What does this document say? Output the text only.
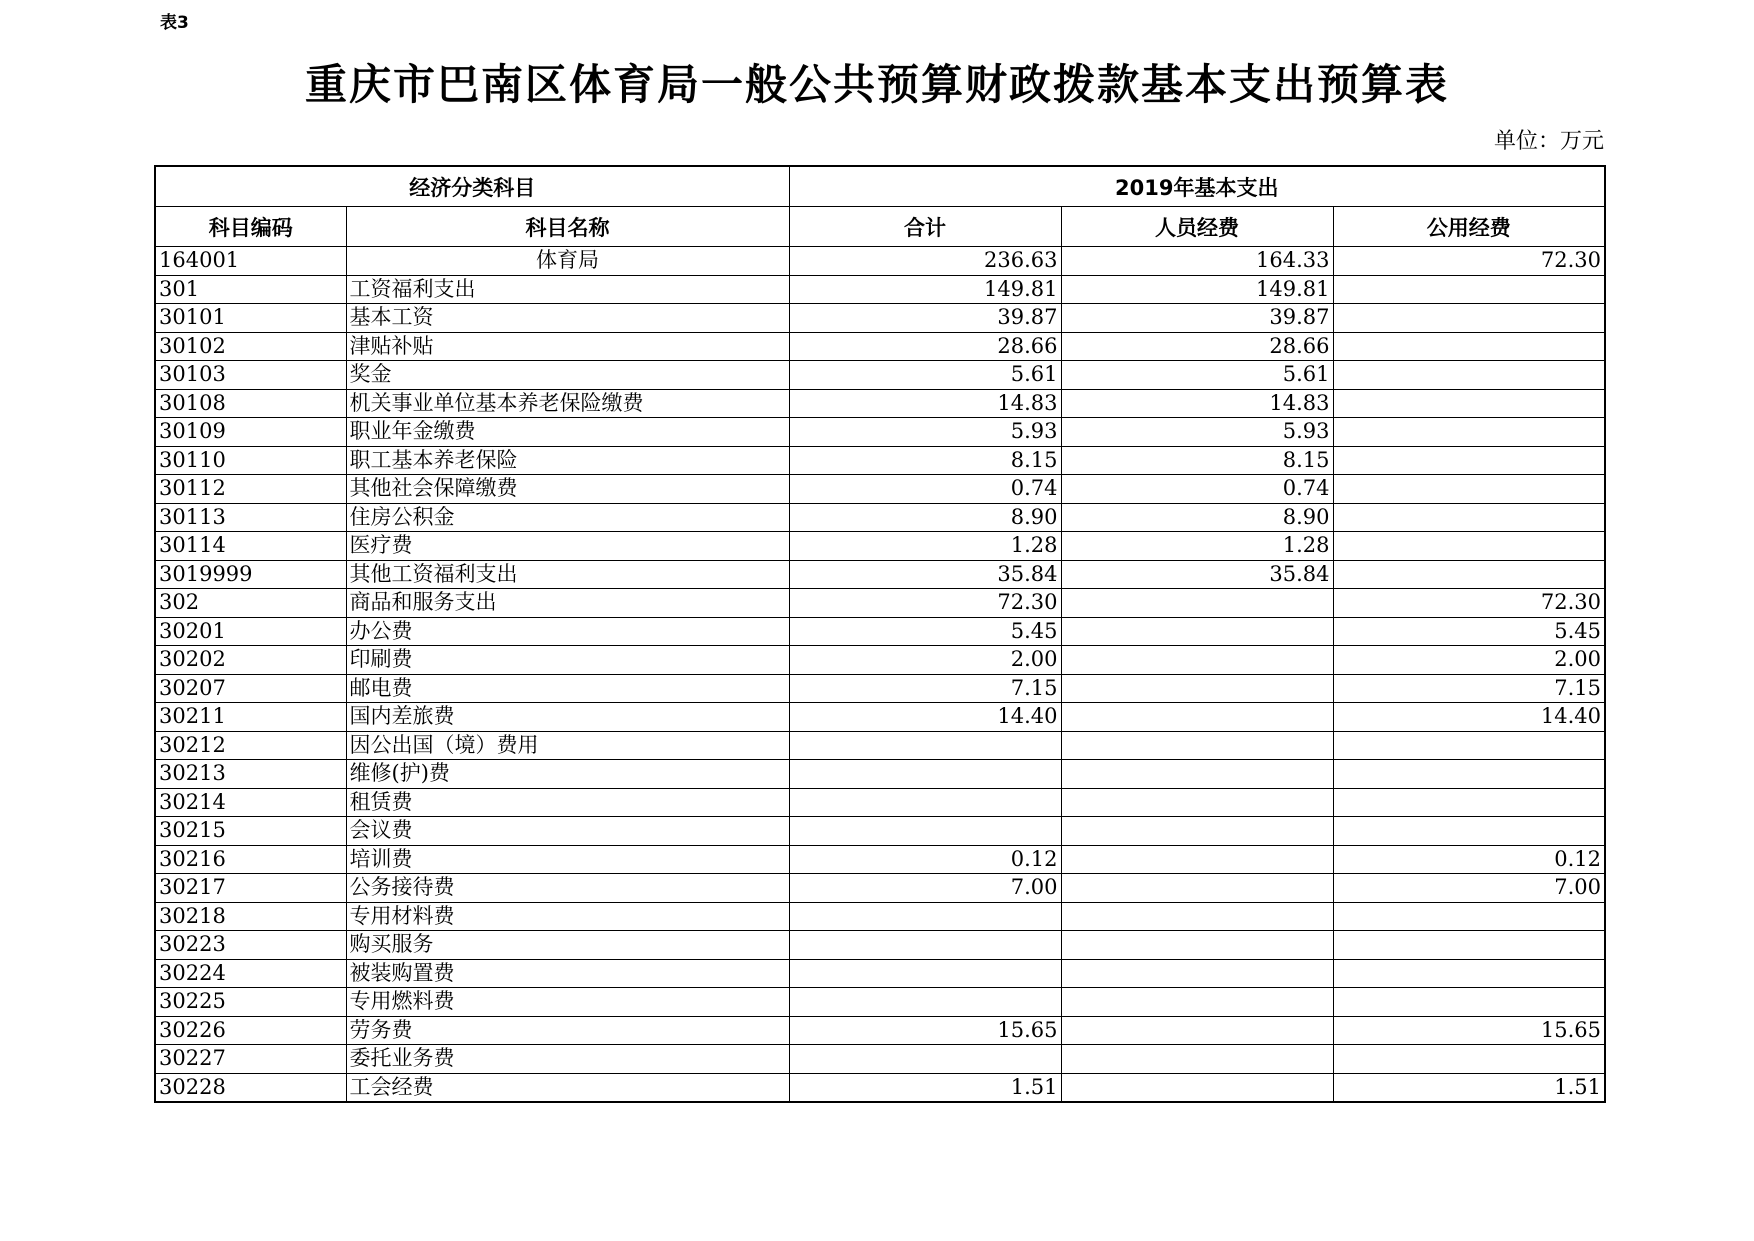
表3
重庆市巴南区体育局一般公共预算财政拨款基本支出预算表
单位：万元
经济分类科目		2019年基本支出		
科目编码	科目名称	合计	人员经费	公用经费
164001	体育局	236.63	164.33	72.30
301	工资福利支出	149.81	149.81	
30101	基本工资	39.87	39.87	
30102	津贴补贴	28.66	28.66	
30103	奖金	5.61	5.61	
30108	机关事业单位基本养老保险缴费	14.83	14.83	
30109	职业年金缴费	5.93	5.93	
30110	职工基本养老保险	8.15	8.15	
30112	其他社会保障缴费	0.74	0.74	
30113	住房公积金	8.90	8.90	
30114	医疗费	1.28	1.28	
3019999	其他工资福利支出	35.84	35.84	
302	商品和服务支出	72.30		72.30
30201	办公费	5.45		5.45
30202	印刷费	2.00		2.00
30207	邮电费	7.15		7.15
30211	国内差旅费	14.40		14.40
30212	因公出国（境）费用			
30213	维修(护)费			
30214	租赁费			
30215	会议费			
30216	培训费	0.12		0.12
30217	公务接待费	7.00		7.00
30218	专用材料费			
30223	购买服务			
30224	被装购置费			
30225	专用燃料费			
30226	劳务费	15.65		15.65
30227	委托业务费			
30228	工会经费	1.51		1.51
